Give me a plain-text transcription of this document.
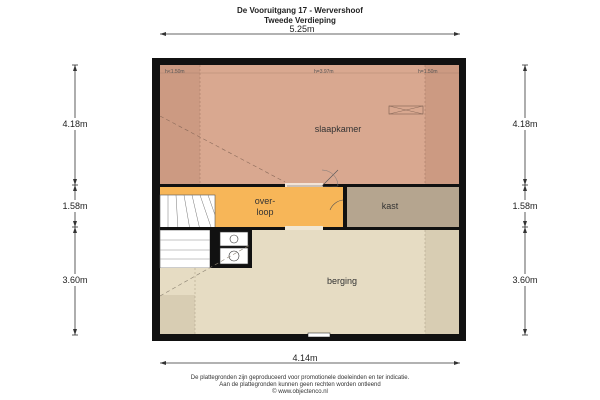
De Vooruitgang 17 - Wervershoof
Tweede Verdieping
5.25m
4.18m
1.58m
3.60m
4.18m
1.58m
3.60m
h<1.50m	h=3.97m	h=1.50m
slaapkamer
over-
loop
kast
berging
4.14m
De plattegronden zijn geproduceerd voor promotionele doeleinden en ter indicatie.
Aan de plattegronden kunnen geen rechten worden ontleend
© www.objectenco.nl
